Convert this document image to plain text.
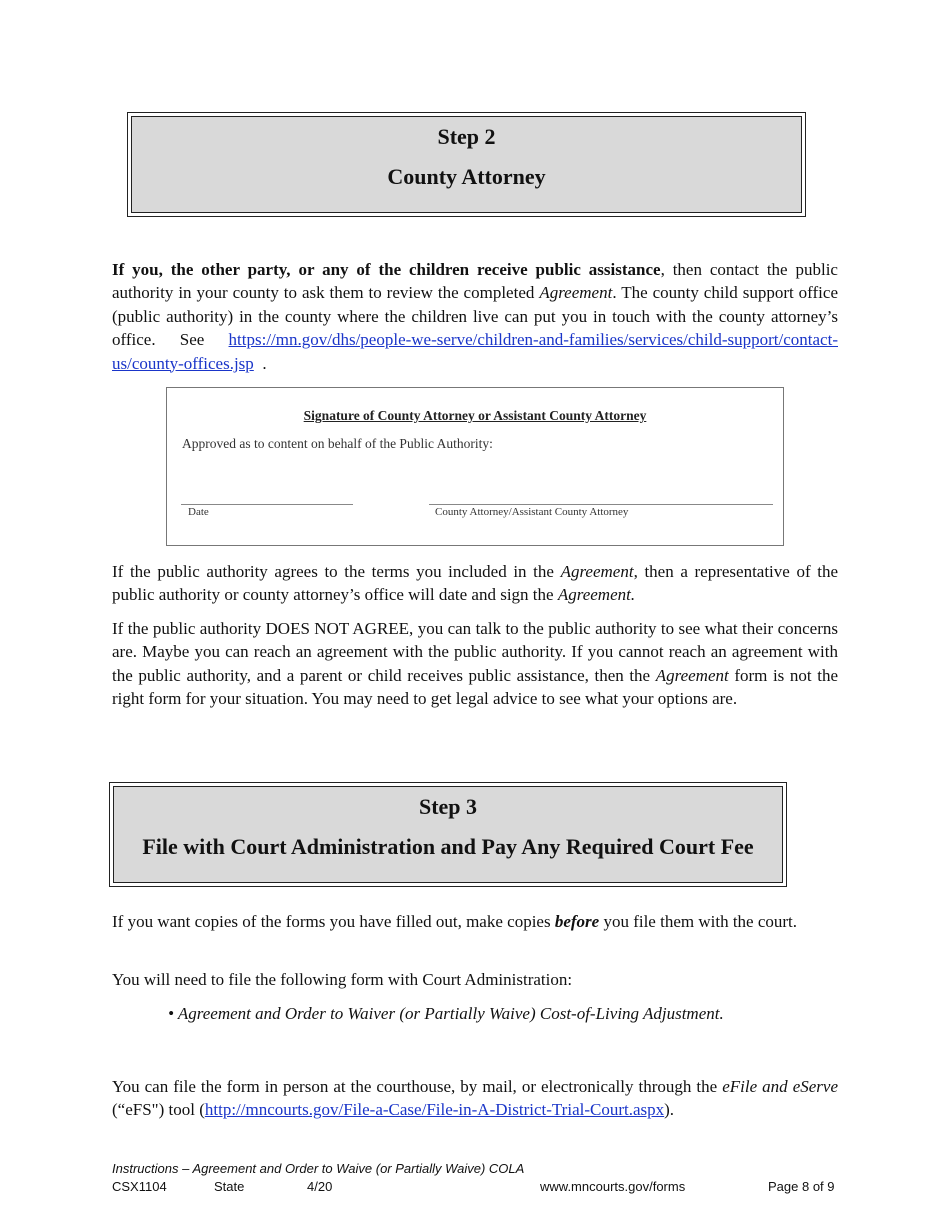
Step 2
County Attorney

If you, the other party, or any of the children receive public assistance, then contact the public authority in your county to ask them to review the completed Agreement. The county child support office (public authority) in the county where the children live can put you in touch with the county attorney’s office. See https://mn.gov/dhs/people-we-serve/children-and-families/services/child-support/contact-us/county-offices.jsp  .

Signature of County Attorney or Assistant County Attorney
Approved as to content on behalf of the Public Authority:
Date	County Attorney/Assistant County Attorney

If the public authority agrees to the terms you included in the Agreement, then a representative of the public authority or county attorney’s office will date and sign the Agreement.

If the public authority DOES NOT AGREE, you can talk to the public authority to see what their concerns are. Maybe you can reach an agreement with the public authority. If you cannot reach an agreement with the public authority, and a parent or child receives public assistance, then the Agreement form is not the right form for your situation. You may need to get legal advice to see what your options are.

Step 3
File with Court Administration and Pay Any Required Court Fee

If you want copies of the forms you have filled out, make copies before you file them with the court.

You will need to file the following form with Court Administration:

• Agreement and Order to Waiver (or Partially Waive) Cost-of-Living Adjustment.

You can file the form in person at the courthouse, by mail, or electronically through the eFile and eServe (“eFS") tool (http://mncourts.gov/File-a-Case/File-in-A-District-Trial-Court.aspx).

Instructions – Agreement and Order to Waive (or Partially Waive) COLA
CSX1104	State	4/20	www.mncourts.gov/forms	Page 8 of 9
